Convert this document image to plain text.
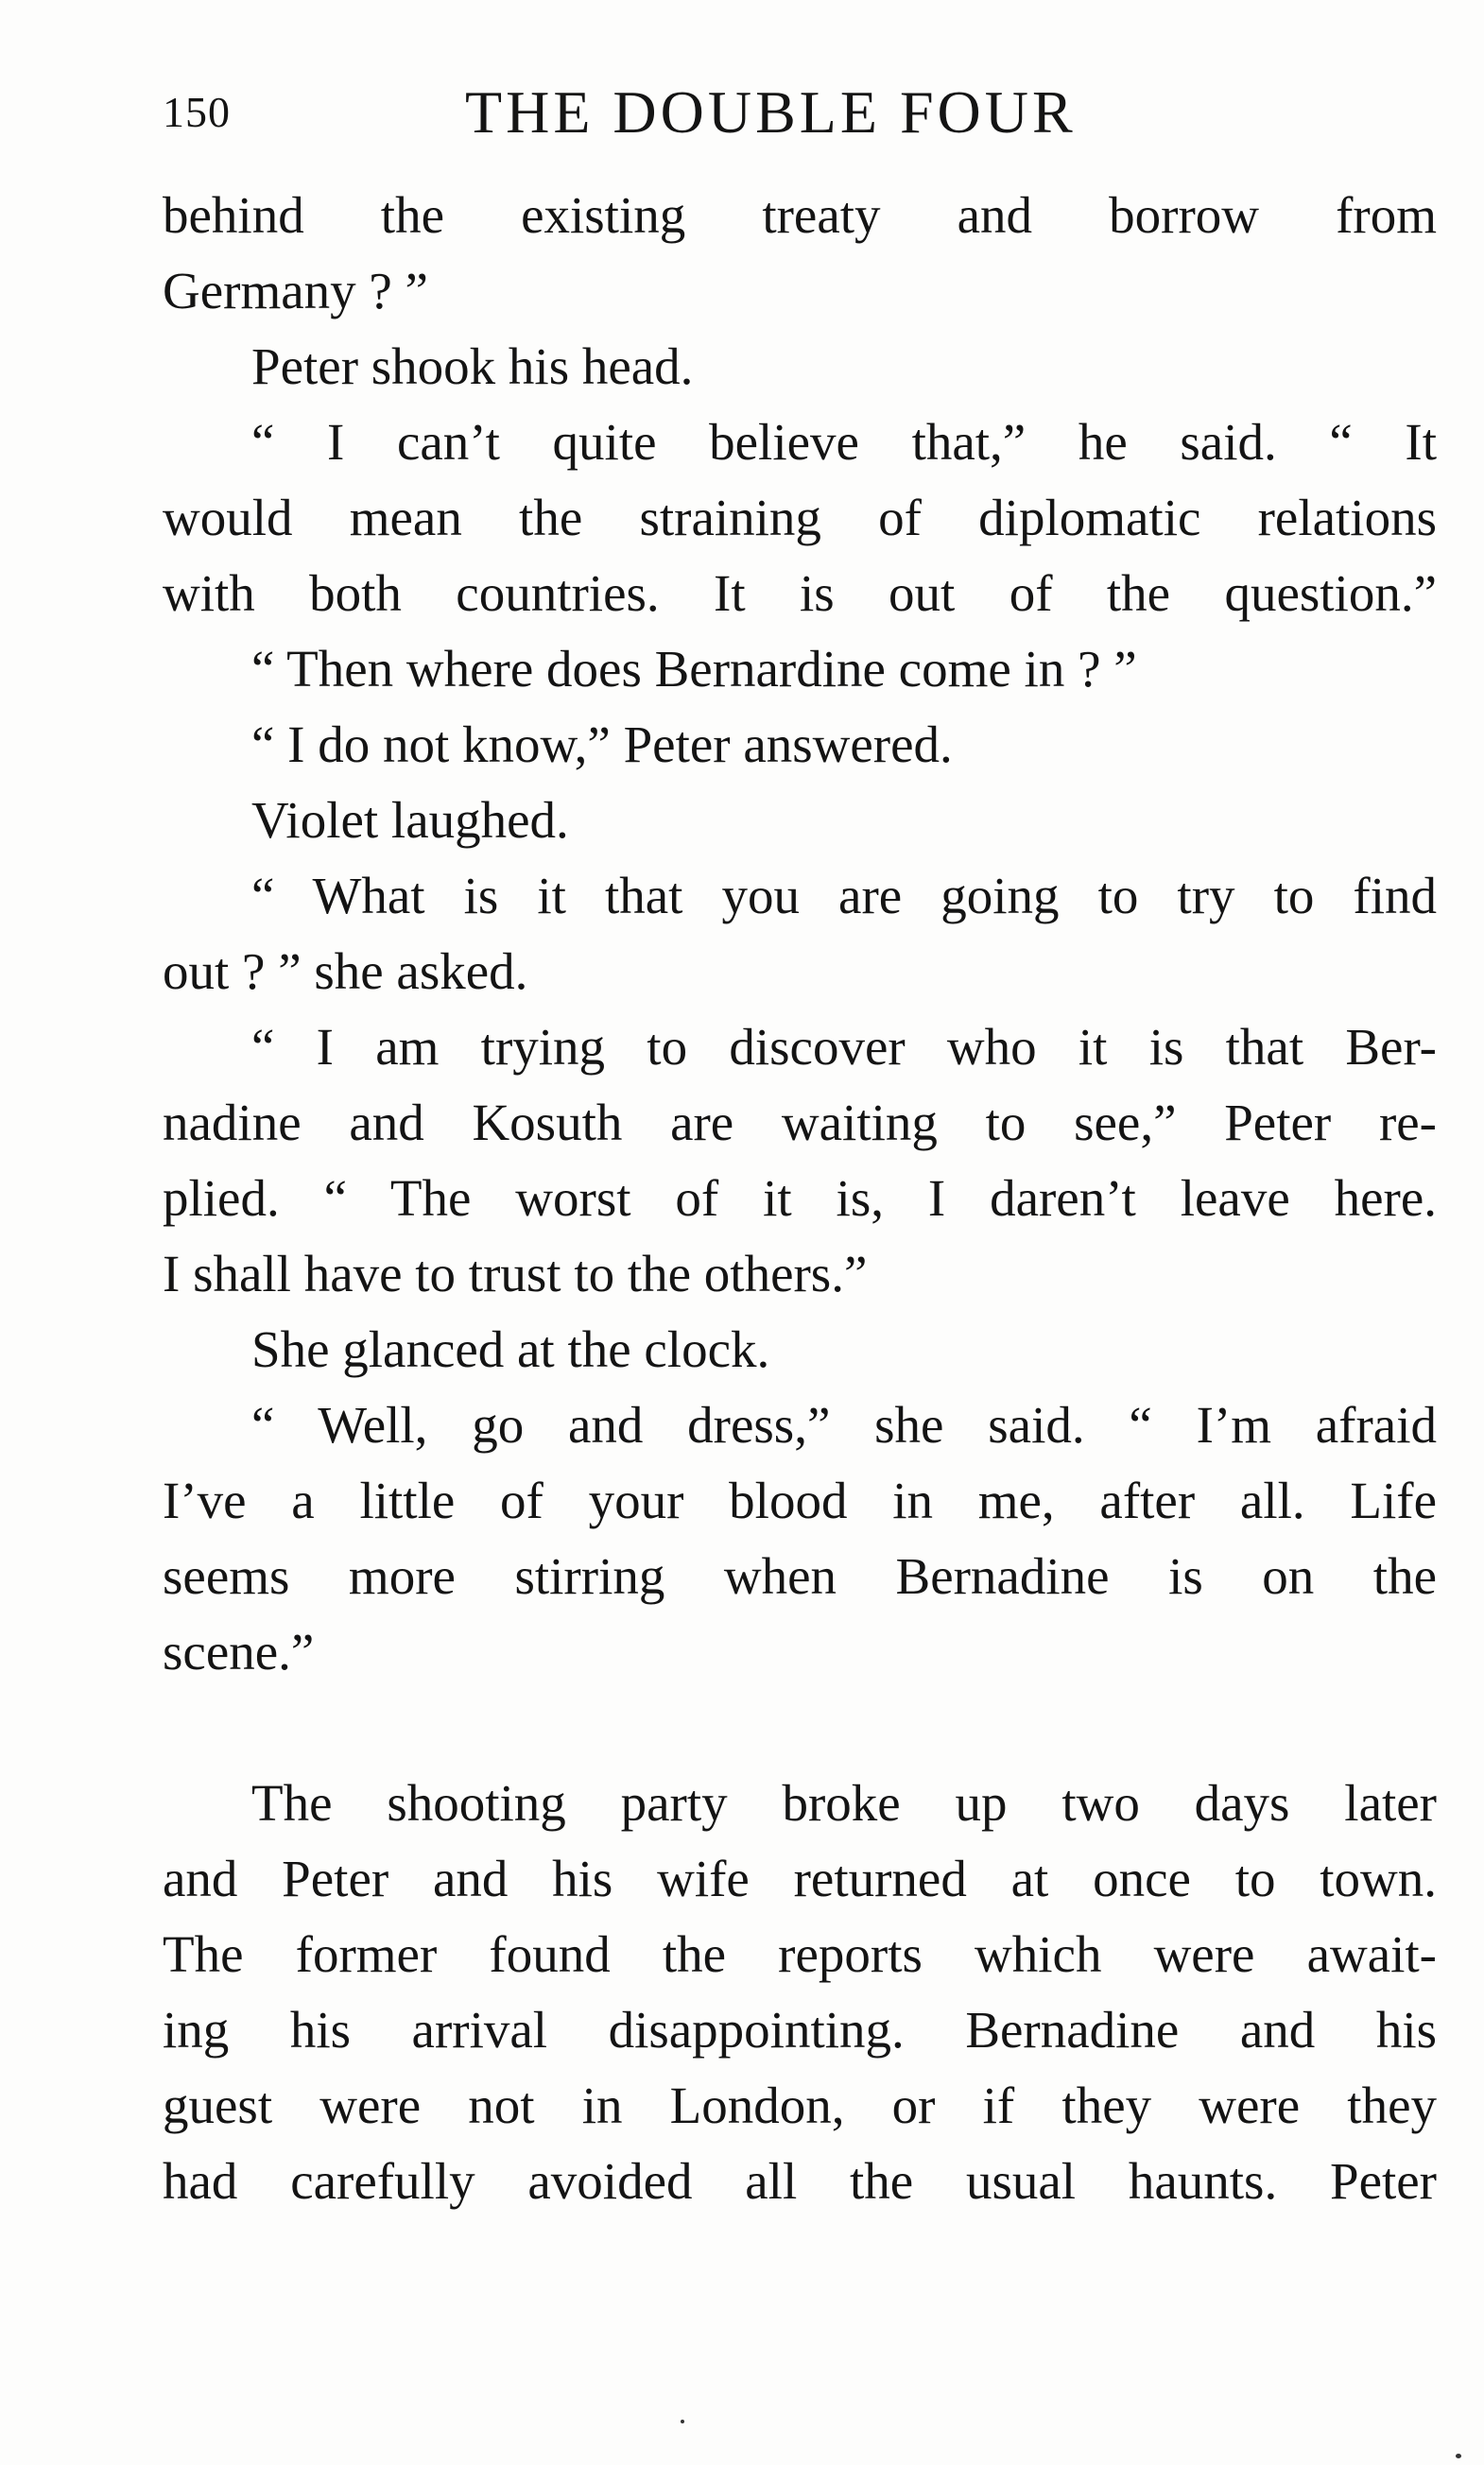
150	THE DOUBLE FOUR
behind the existing treaty and borrow from
Germany ? ”
Peter shook his head.
“ I can’t quite believe that,” he said. “ It
would mean the straining of diplomatic relations
with both countries. It is out of the question.”
“ Then where does Bernardine come in ? ”
“ I do not know,” Peter answered.
Violet laughed.
“ What is it that you are going to try to find
out ? ” she asked.
“ I am trying to discover who it is that Ber-
nadine and Kosuth are waiting to see,” Peter re-
plied. “ The worst of it is, I daren’t leave here.
I shall have to trust to the others.”
She glanced at the clock.
“ Well, go and dress,” she said. “ I’m afraid
I’ve a little of your blood in me, after all. Life
seems more stirring when Bernadine is on the
scene.”
The shooting party broke up two days later
and Peter and his wife returned at once to town.
The former found the reports which were await-
ing his arrival disappointing. Bernadine and his
guest were not in London, or if they were they
had carefully avoided all the usual haunts. Peter
